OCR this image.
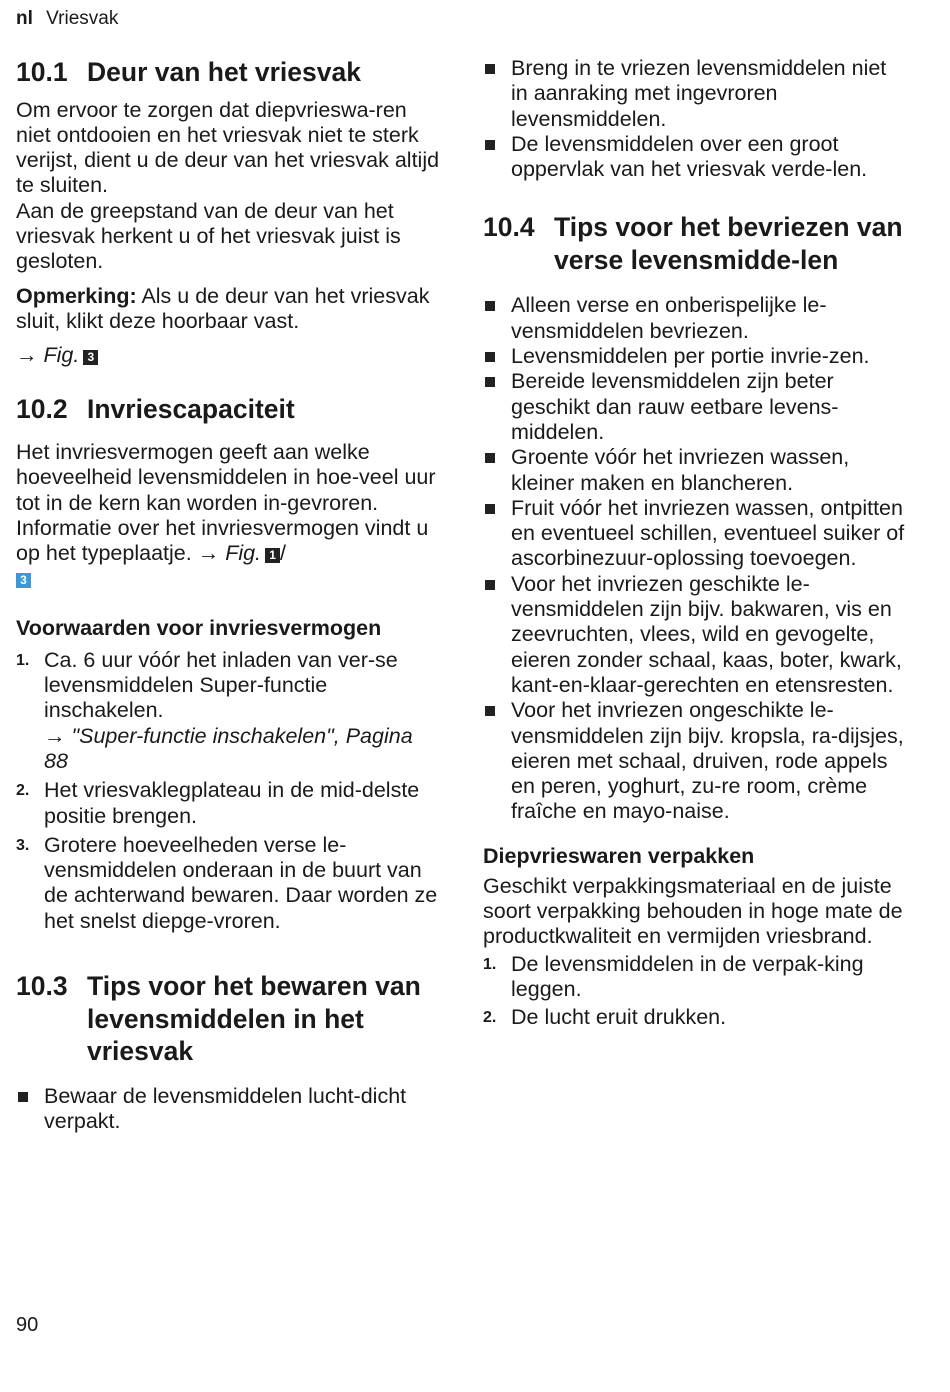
nl Vriesvak
10.1 Deur van het vriesvak

Om ervoor te zorgen dat diepvrieswa-ren niet ontdooien en het vriesvak niet te sterk verijst, dient u de deur van het vriesvak altijd te sluiten.

Aan de greepstand van de deur van het vriesvak herkent u of het vriesvak juist is gesloten.

Opmerking: Als u de deur van het vriesvak sluit, klikt deze hoorbaar vast.

→ Fig. 3

10.2 Invriescapaciteit

Het invriesvermogen geeft aan welke hoeveelheid levensmiddelen in hoe-veel uur tot in de kern kan worden in-gevroren.

Informatie over het invriesvermogen vindt u op het typeplaatje. → Fig. 1 /
3

Voorwaarden voor invriesvermogen
1. Ca. 6 uur vóór het inladen van ver-se levensmiddelen Super-functie inschakelen.
→ "Super-functie inschakelen", Pagina 88
2. Het vriesvaklegplateau in de mid-delste positie brengen.
3. Grotere hoeveelheden verse le-vensmiddelen onderaan in de buurt van de achterwand bewaren. Daar worden ze het snelst diepge-vroren.
10.3 Tips voor het bewaren van levensmiddelen in het vriesvak
Bewaar de levensmiddelen lucht-dicht verpakt.
Breng in te vriezen levensmiddelen niet in aanraking met ingevroren levensmiddelen.
De levensmiddelen over een groot oppervlak van het vriesvak verde-len.
10.4 Tips voor het bevriezen van verse levensmidde-len
Alleen verse en onberispelijke le-vensmiddelen bevriezen.
Levensmiddelen per portie invrie-zen.
Bereide levensmiddelen zijn beter geschikt dan rauw eetbare levens-middelen.
Groente vóór het invriezen wassen, kleiner maken en blancheren.
Fruit vóór het invriezen wassen, ontpitten en eventueel schillen, eventueel suiker of ascorbinezuur-oplossing toevoegen.
Voor het invriezen geschikte le-vensmiddelen zijn bijv. bakwaren, vis en zeevruchten, vlees, wild en gevogelte, eieren zonder schaal, kaas, boter, kwark, kant-en-klaar-gerechten en etensresten.
Voor het invriezen ongeschikte le-vensmiddelen zijn bijv. kropsla, ra-dijsjes, eieren met schaal, druiven, rode appels en peren, yoghurt, zu-re room, crème fraîche en mayo-naise.
Diepvrieswaren verpakken

Geschikt verpakkingsmateriaal en de juiste soort verpakking behouden in hoge mate de productkwaliteit en vermijden vriesbrand.

1. De levensmiddelen in de verpak-king leggen.
2. De lucht eruit drukken.
90
